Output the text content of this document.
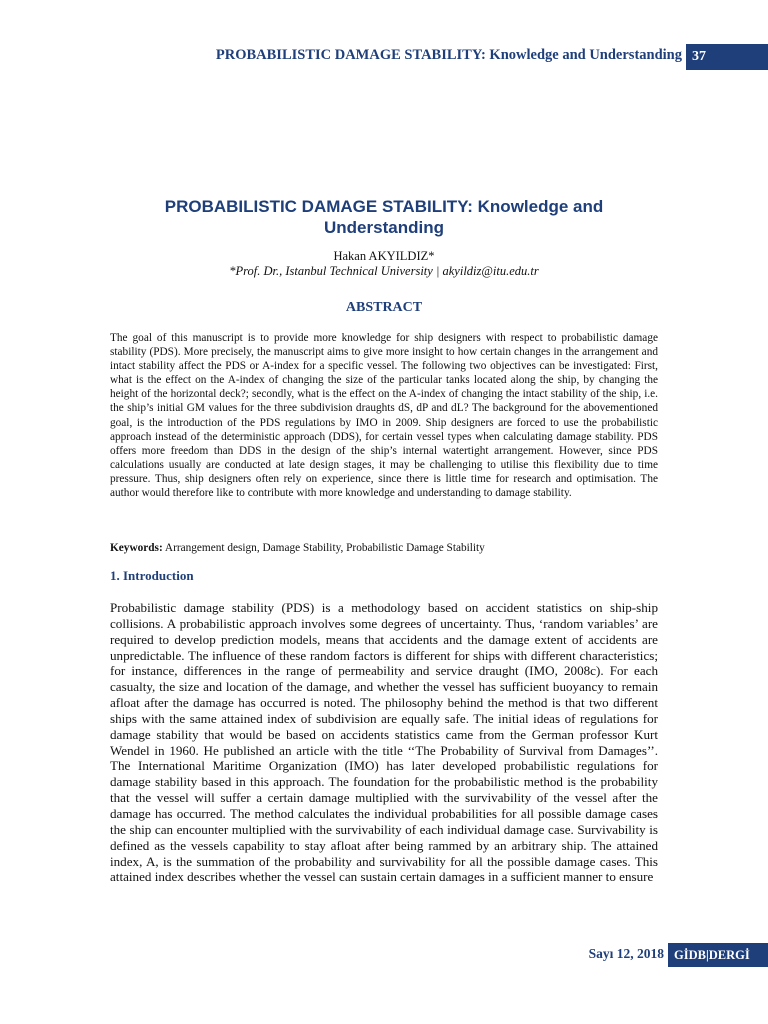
PROBABILISTIC DAMAGE STABILITY: Knowledge and Understanding 37
PROBABILISTIC DAMAGE STABILITY: Knowledge and Understanding
Hakan AKYILDIZ*
*Prof. Dr., Istanbul Technical University | akyildiz@itu.edu.tr
ABSTRACT

The goal of this manuscript is to provide more knowledge for ship designers with respect to probabilistic damage stability (PDS). More precisely, the manuscript aims to give more insight to how certain changes in the arrangement and intact stability affect the PDS or A-index for a specific vessel. The following two objectives can be investigated: First, what is the effect on the A-index of changing the size of the particular tanks located along the ship, by changing the height of the horizontal deck?; secondly, what is the effect on the A-index of changing the intact stability of the ship, i.e. the ship’s initial GM values for the three subdivision draughts dS, dP and dL? The background for the abovementioned goal, is the introduction of the PDS regulations by IMO in 2009. Ship designers are forced to use the probabilistic approach instead of the deterministic approach (DDS), for certain vessel types when calculating damage stability. PDS offers more freedom than DDS in the design of the ship’s internal watertight arrangement. However, since PDS calculations usually are conducted at late design stages, it may be challenging to utilise this flexibility due to time pressure. Thus, ship designers often rely on experience, since there is little time for research and optimisation. The author would therefore like to contribute with more knowledge and understanding to damage stability.

Keywords: Arrangement design, Damage Stability, Probabilistic Damage Stability
1. Introduction

Probabilistic damage stability (PDS) is a methodology based on accident statistics on ship-ship collisions. A probabilistic approach involves some degrees of uncertainty. Thus, ‘random variables’ are required to develop prediction models, means that accidents and the damage extent of accidents are unpredictable. The influence of these random factors is different for ships with different characteristics; for instance, differences in the range of permeability and service draught (IMO, 2008c). For each casualty, the size and location of the damage, and whether the vessel has sufficient buoyancy to remain afloat after the damage has occurred is noted. The philosophy behind the method is that two different ships with the same attained index of subdivision are equally safe. The initial ideas of regulations for damage stability that would be based on accidents statistics came from the German professor Kurt Wendel in 1960. He published an article with the title ‘‘The Probability of Survival from Damages’’. The International Maritime Organization (IMO) has later developed probabilistic regulations for damage stability based in this approach. The foundation for the probabilistic method is the probability that the vessel will suffer a certain damage multiplied with the survivability of the vessel after the damage has occurred. The method calculates the individual probabilities for all possible damage cases the ship can encounter multiplied with the survivability of each individual damage case. Survivability is defined as the vessels capability to stay afloat after being rammed by an arbitrary ship. The attained index, A, is the summation of the probability and survivability for all the possible damage cases. This attained index describes whether the vessel can sustain certain damages in a sufficient manner to ensure

Sayı 12, 2018 GİDB|DERGİ
